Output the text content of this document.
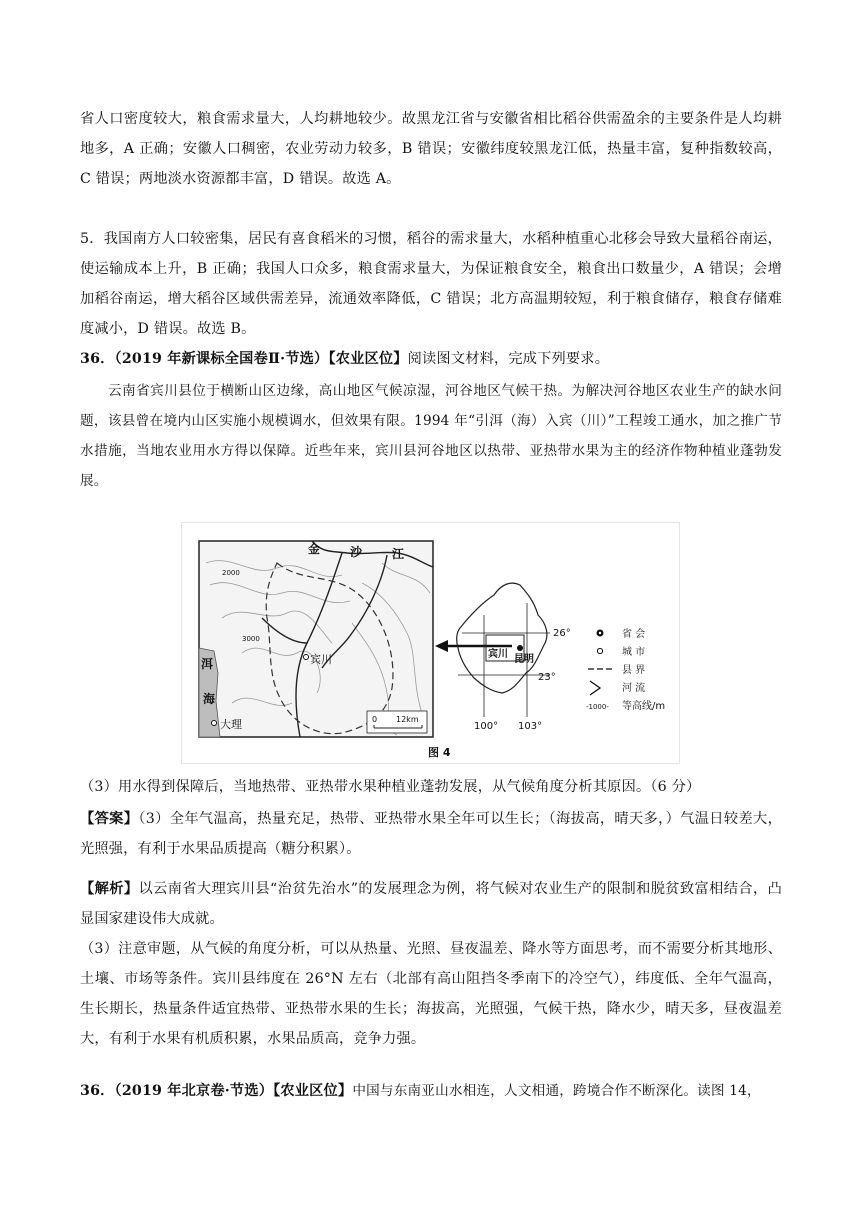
省人口密度较大，粮食需求量大，人均耕地较少。故黑龙江省与安徽省相比稻谷供需盈余的主要条件是人均耕地多，A 正确；安徽人口稠密，农业劳动力较多，B 错误；安徽纬度较黑龙江低，热量丰富，复种指数较高，C 错误；两地淡水资源都丰富，D 错误。故选 A。
5．我国南方人口较密集，居民有喜食稻米的习惯，稻谷的需求量大，水稻种植重心北移会导致大量稻谷南运，使运输成本上升，B 正确；我国人口众多，粮食需求量大，为保证粮食安全，粮食出口数量少，A 错误；会增加稻谷南运，增大稻谷区域供需差异，流通效率降低，C 错误；北方高温期较短，利于粮食储存，粮食存储难度减小，D 错误。故选 B。
36．（2019 年新课标全国卷Ⅱ·节选）【农业区位】阅读图文材料，完成下列要求。
云南省宾川县位于横断山区边缘，高山地区气候凉湿，河谷地区气候干热。为解决河谷地区农业生产的缺水问题，该县曾在境内山区实施小规模调水，但效果有限。1994 年“引洱（海）入宾（川）”工程竣工通水，加之推广节水措施，当地农业用水方得以保障。近些年来，宾川县河谷地区以热带、亚热带水果为主的经济作物种植业蓬勃发展。
金 沙 江
洱
海
大理
宾川
2000
3000
0 12km
宾川 昆明
26°
23°
100° 103°
省 会
城 市
县 界
河 流
-1000- 等高线/m
图 4
（3）用水得到保障后，当地热带、亚热带水果种植业蓬勃发展，从气候角度分析其原因。（6 分）
【答案】（3）全年气温高，热量充足，热带、亚热带水果全年可以生长；（海拔高，晴天多，）气温日较差大，光照强，有利于水果品质提高（糖分积累）。
【解析】以云南省大理宾川县“治贫先治水”的发展理念为例，将气候对农业生产的限制和脱贫致富相结合，凸显国家建设伟大成就。
（3）注意审题，从气候的角度分析，可以从热量、光照、昼夜温差、降水等方面思考，而不需要分析其地形、土壤、市场等条件。宾川县纬度在 26°N 左右（北部有高山阻挡冬季南下的冷空气），纬度低、全年气温高，生长期长，热量条件适宜热带、亚热带水果的生长；海拔高，光照强，气候干热，降水少，晴天多，昼夜温差大，有利于水果有机质积累，水果品质高，竞争力强。
36．（2019 年北京卷·节选）【农业区位】中国与东南亚山水相连，人文相通，跨境合作不断深化。读图 14，
